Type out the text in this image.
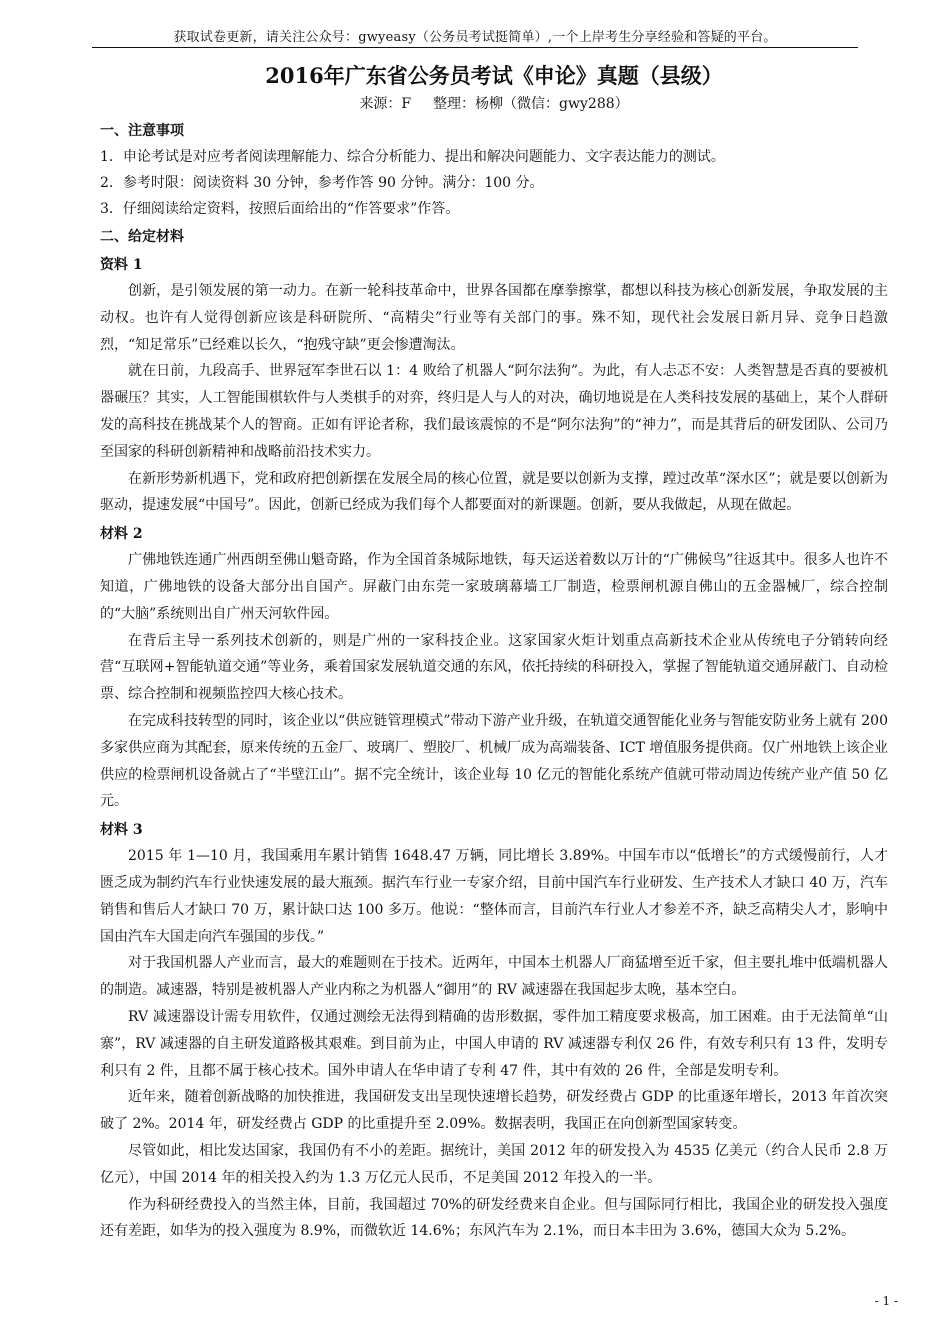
获取试卷更新，请关注公众号：gwyeasy（公务员考试挺简单）,一个上岸考生分享经验和答疑的平台。
2016年广东省公务员考试《申论》真题（县级）

来源：F 整理：杨柳（微信：gwy288）

一、注意事项

1．申论考试是对应考者阅读理解能力、综合分析能力、提出和解决问题能力、文字表达能力的测试。

2．参考时限：阅读资料 30 分钟，参考作答 90 分钟。满分：100 分。

3．仔细阅读给定资料，按照后面给出的“作答要求”作答。

二、给定材料

资料 1

创新，是引领发展的第一动力。在新一轮科技革命中，世界各国都在摩拳擦掌，都想以科技为核心创新发展，争取发展的主动权。也许有人觉得创新应该是科研院所、“高精尖”行业等有关部门的事。殊不知，现代社会发展日新月异、竞争日趋激烈，“知足常乐”已经难以长久，“抱残守缺”更会惨遭淘汰。

就在日前，九段高手、世界冠军李世石以 1：4 败给了机器人“阿尔法狗”。为此，有人忐忑不安：人类智慧是否真的要被机器碾压？其实，人工智能围棋软件与人类棋手的对弈，终归是人与人的对决，确切地说是在人类科技发展的基础上，某个人群研发的高科技在挑战某个人的智商。正如有评论者称，我们最该震惊的不是“阿尔法狗”的“神力”，而是其背后的研发团队、公司乃至国家的科研创新精神和战略前沿技术实力。

在新形势新机遇下，党和政府把创新摆在发展全局的核心位置，就是要以创新为支撑，蹚过改革“深水区”；就是要以创新为驱动，提速发展“中国号”。因此，创新已经成为我们每个人都要面对的新课题。创新，要从我做起，从现在做起。

材料 2

广佛地铁连通广州西朗至佛山魁奇路，作为全国首条城际地铁，每天运送着数以万计的“广佛候鸟”往返其中。很多人也许不知道，广佛地铁的设备大部分出自国产。屏蔽门由东莞一家玻璃幕墙工厂制造，检票闸机源自佛山的五金器械厂，综合控制的“大脑”系统则出自广州天河软件园。

在背后主导一系列技术创新的，则是广州的一家科技企业。这家国家火炬计划重点高新技术企业从传统电子分销转向经营“互联网+智能轨道交通”等业务，乘着国家发展轨道交通的东风，依托持续的科研投入，掌握了智能轨道交通屏蔽门、自动检票、综合控制和视频监控四大核心技术。

在完成科技转型的同时，该企业以“供应链管理模式”带动下游产业升级，在轨道交通智能化业务与智能安防业务上就有 200 多家供应商为其配套，原来传统的五金厂、玻璃厂、塑胶厂、机械厂成为高端装备、ICT 增值服务提供商。仅广州地铁上该企业供应的检票闸机设备就占了“半壁江山”。据不完全统计，该企业每 10 亿元的智能化系统产值就可带动周边传统产业产值 50 亿元。

材料 3

2015 年 1—10 月，我国乘用车累计销售 1648.47 万辆，同比增长 3.89%。中国车市以“低增长”的方式缓慢前行，人才匮乏成为制约汽车行业快速发展的最大瓶颈。据汽车行业一专家介绍，目前中国汽车行业研发、生产技术人才缺口 40 万，汽车销售和售后人才缺口 70 万，累计缺口达 100 多万。他说：“整体而言，目前汽车行业人才参差不齐，缺乏高精尖人才，影响中国由汽车大国走向汽车强国的步伐。”

对于我国机器人产业而言，最大的难题则在于技术。近两年，中国本土机器人厂商猛增至近千家，但主要扎堆中低端机器人的制造。减速器，特别是被机器人产业内称之为机器人“御用”的 RV 减速器在我国起步太晚，基本空白。

RV 减速器设计需专用软件，仅通过测绘无法得到精确的齿形数据，零件加工精度要求极高，加工困难。由于无法简单“山寨”，RV 减速器的自主研发道路极其艰难。到目前为止，中国人申请的 RV 减速器专利仅 26 件，有效专利只有 13 件，发明专利只有 2 件，且都不属于核心技术。国外申请人在华申请了专利 47 件，其中有效的 26 件，全部是发明专利。

近年来，随着创新战略的加快推进，我国研发支出呈现快速增长趋势，研发经费占 GDP 的比重逐年增长，2013 年首次突破了 2%。2014 年，研发经费占 GDP 的比重提升至 2.09%。数据表明，我国正在向创新型国家转变。

尽管如此，相比发达国家，我国仍有不小的差距。据统计，美国 2012 年的研发投入为 4535 亿美元（约合人民币 2.8 万亿元），中国 2014 年的相关投入约为 1.3 万亿元人民币，不足美国 2012 年投入的一半。

作为科研经费投入的当然主体，目前，我国超过 70%的研发经费来自企业。但与国际同行相比，我国企业的研发投入强度还有差距，如华为的投入强度为 8.9%，而微软近 14.6%；东风汽车为 2.1%，而日本丰田为 3.6%，德国大众为 5.2%。

- 1 -
